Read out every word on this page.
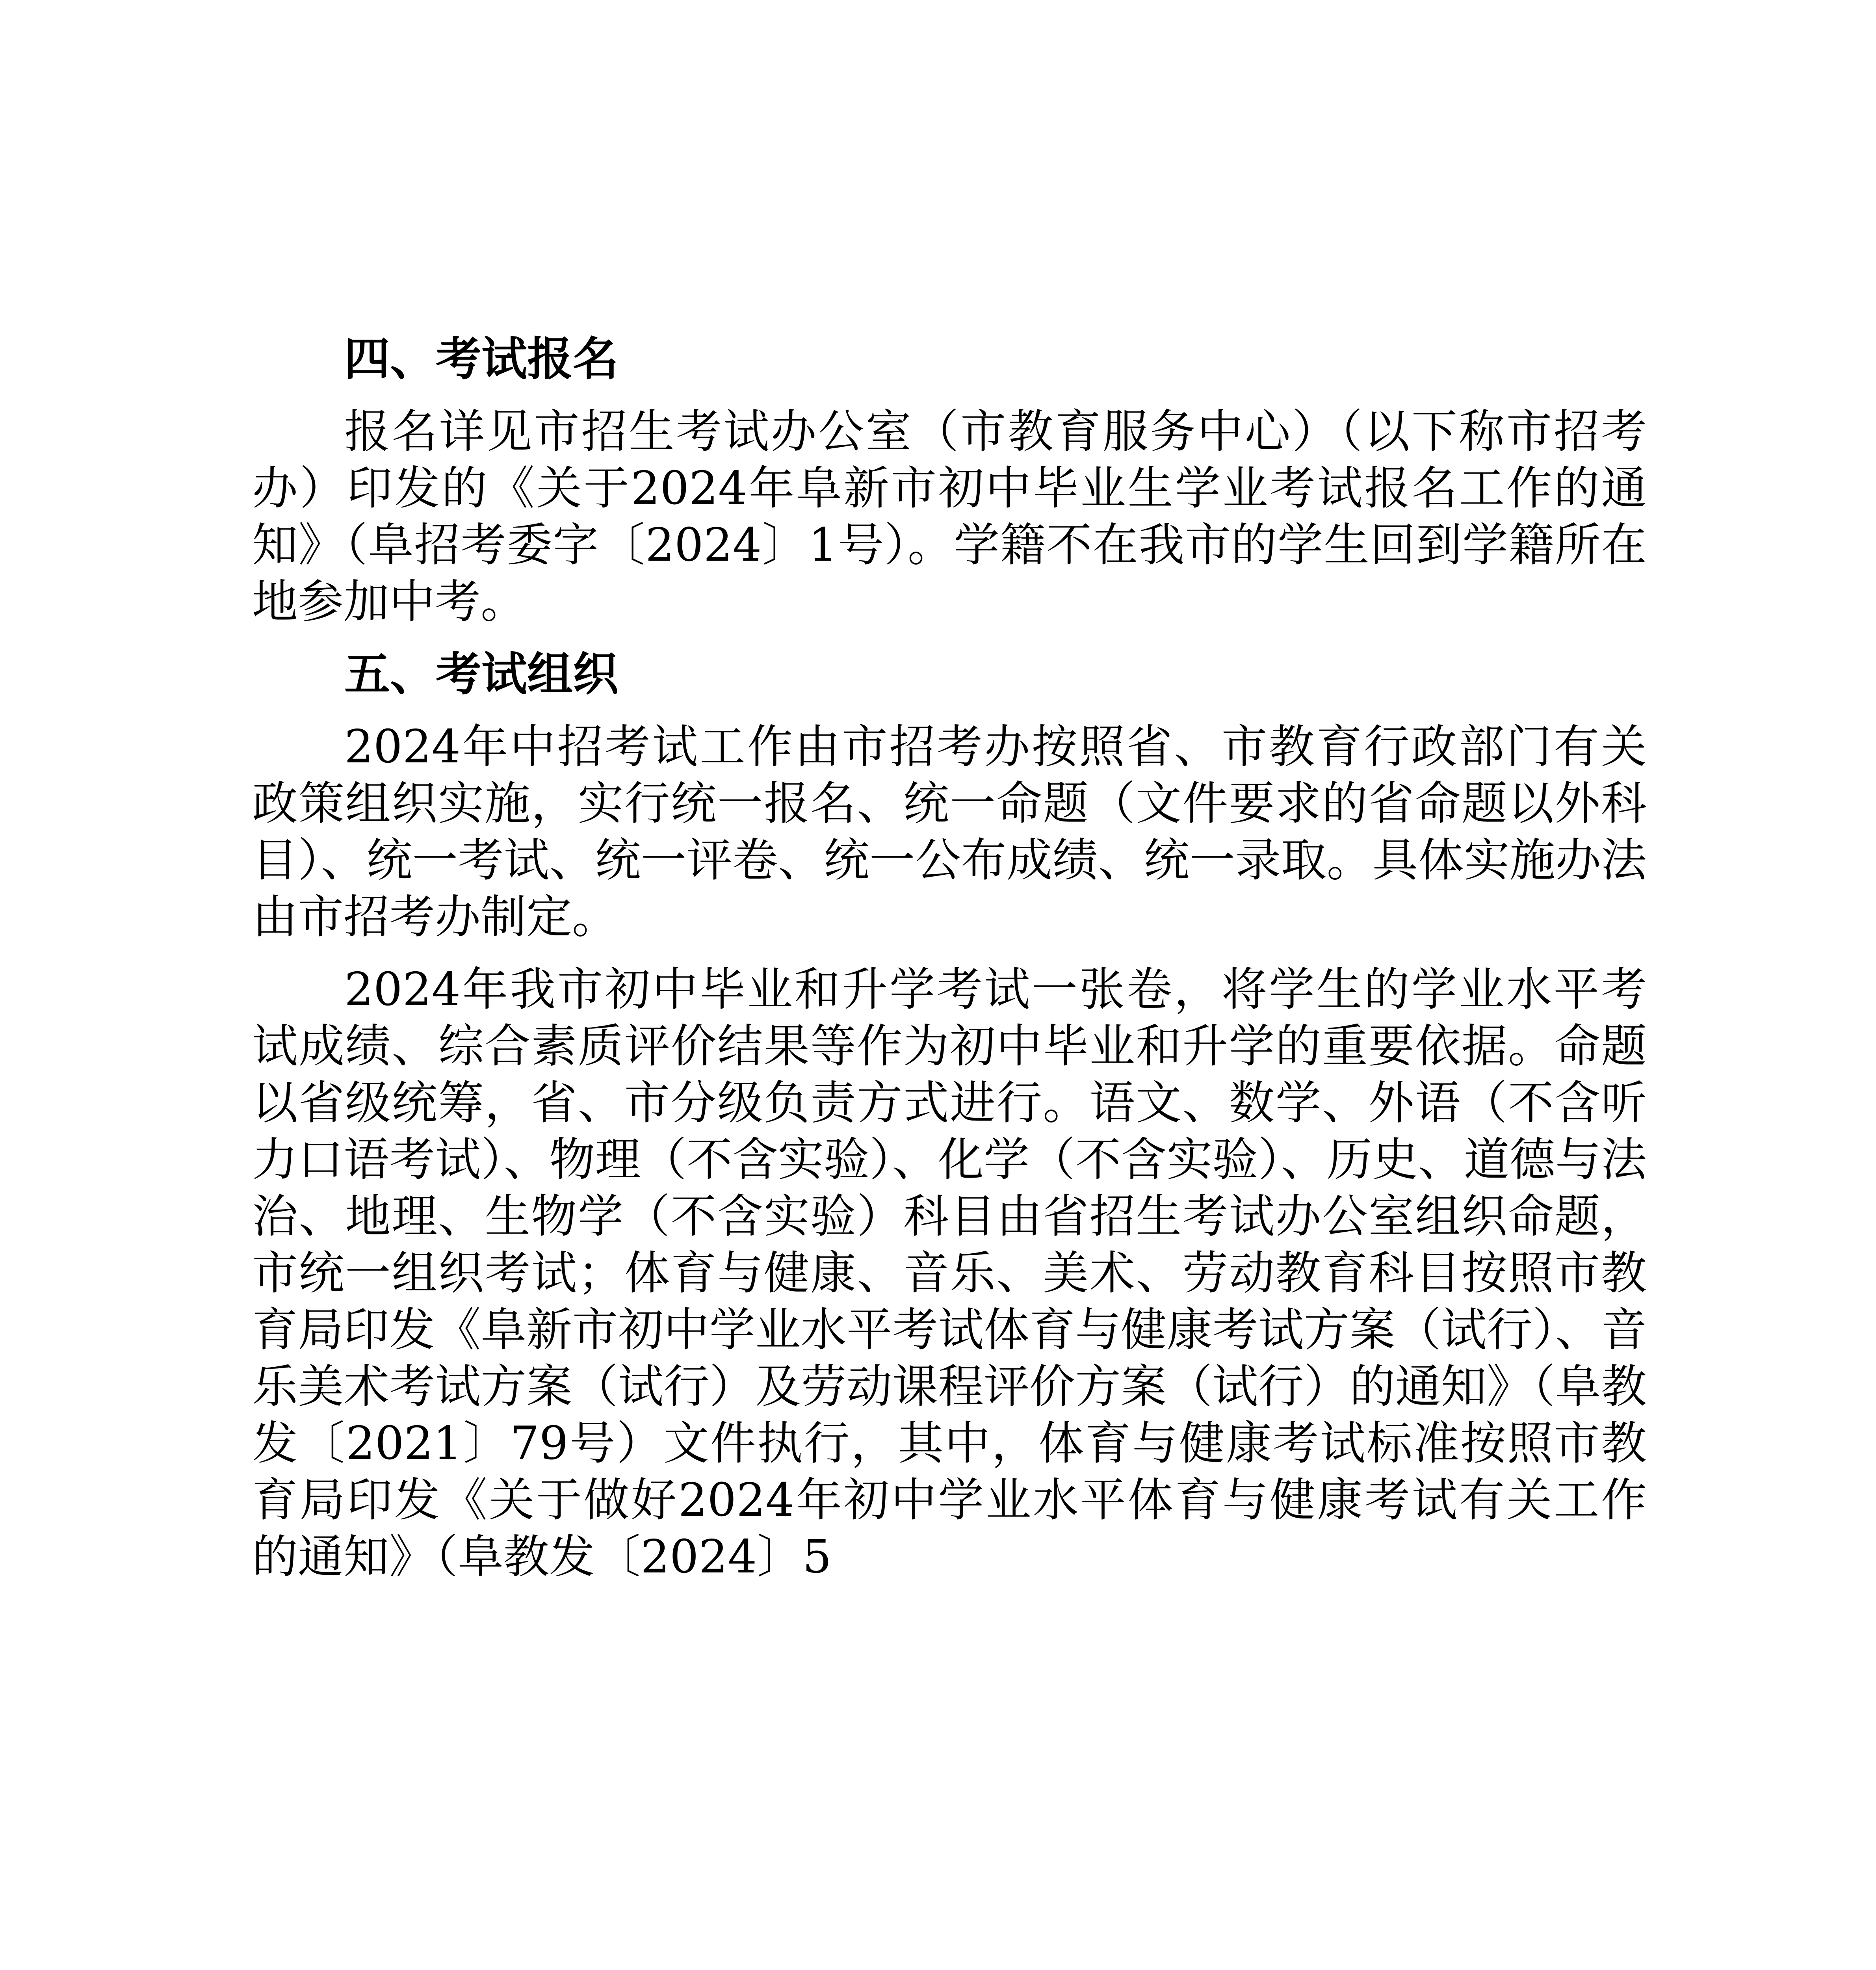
四、考试报名

报名详见市招生考试办公室（市教育服务中心）（以下称市招考办）印发的《关于2024年阜新市初中毕业生学业考试报名工作的通知》（阜招考委字〔2024〕1号）。学籍不在我市的学生回到学籍所在地参加中考。

五、考试组织

2024年中招考试工作由市招考办按照省、市教育行政部门有关政策组织实施，实行统一报名、统一命题（文件要求的省命题以外科目）、统一考试、统一评卷、统一公布成绩、统一录取。具体实施办法由市招考办制定。

2024年我市初中毕业和升学考试一张卷，将学生的学业水平考试成绩、综合素质评价结果等作为初中毕业和升学的重要依据。命题以省级统筹，省、市分级负责方式进行。语文、数学、外语（不含听力口语考试）、物理（不含实验）、化学（不含实验）、历史、道德与法治、地理、生物学（不含实验）科目由省招生考试办公室组织命题，市统一组织考试；体育与健康、音乐、美术、劳动教育科目按照市教育局印发《阜新市初中学业水平考试体育与健康考试方案（试行）、音乐美术考试方案（试行）及劳动课程评价方案（试行）的通知》（阜教发〔2021〕79号）文件执行，其中，体育与健康考试标准按照市教育局印发《关于做好2024年初中学业水平体育与健康考试有关工作的通知》（阜教发〔2024〕5
